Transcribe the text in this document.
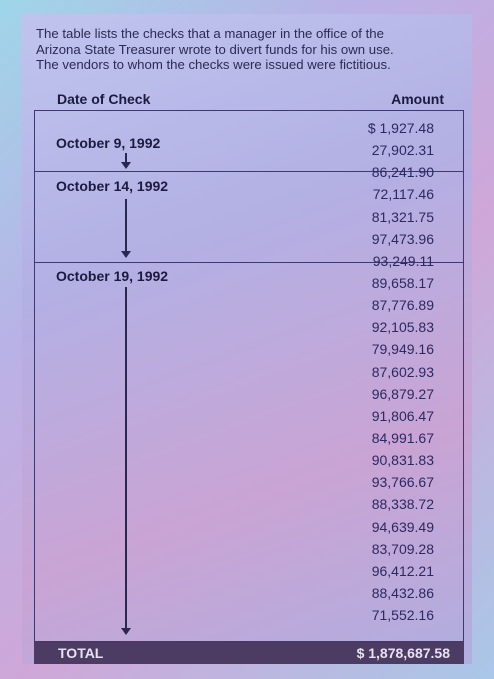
The table lists the checks that a manager in the office of the
Arizona State Treasurer wrote to divert funds for his own use.
The vendors to whom the checks were issued were fictitious.
Date of Check	Amount
October 9, 1992
October 14, 1992
October 19, 1992
$ 1,927.48
27,902.31
86,241.90
72,117.46
81,321.75
97,473.96
93,249.11
89,658.17
87,776.89
92,105.83
79,949.16
87,602.93
96,879.27
91,806.47
84,991.67
90,831.83
93,766.67
88,338.72
94,639.49
83,709.28
96,412.21
88,432.86
71,552.16
TOTAL	$ 1,878,687.58
